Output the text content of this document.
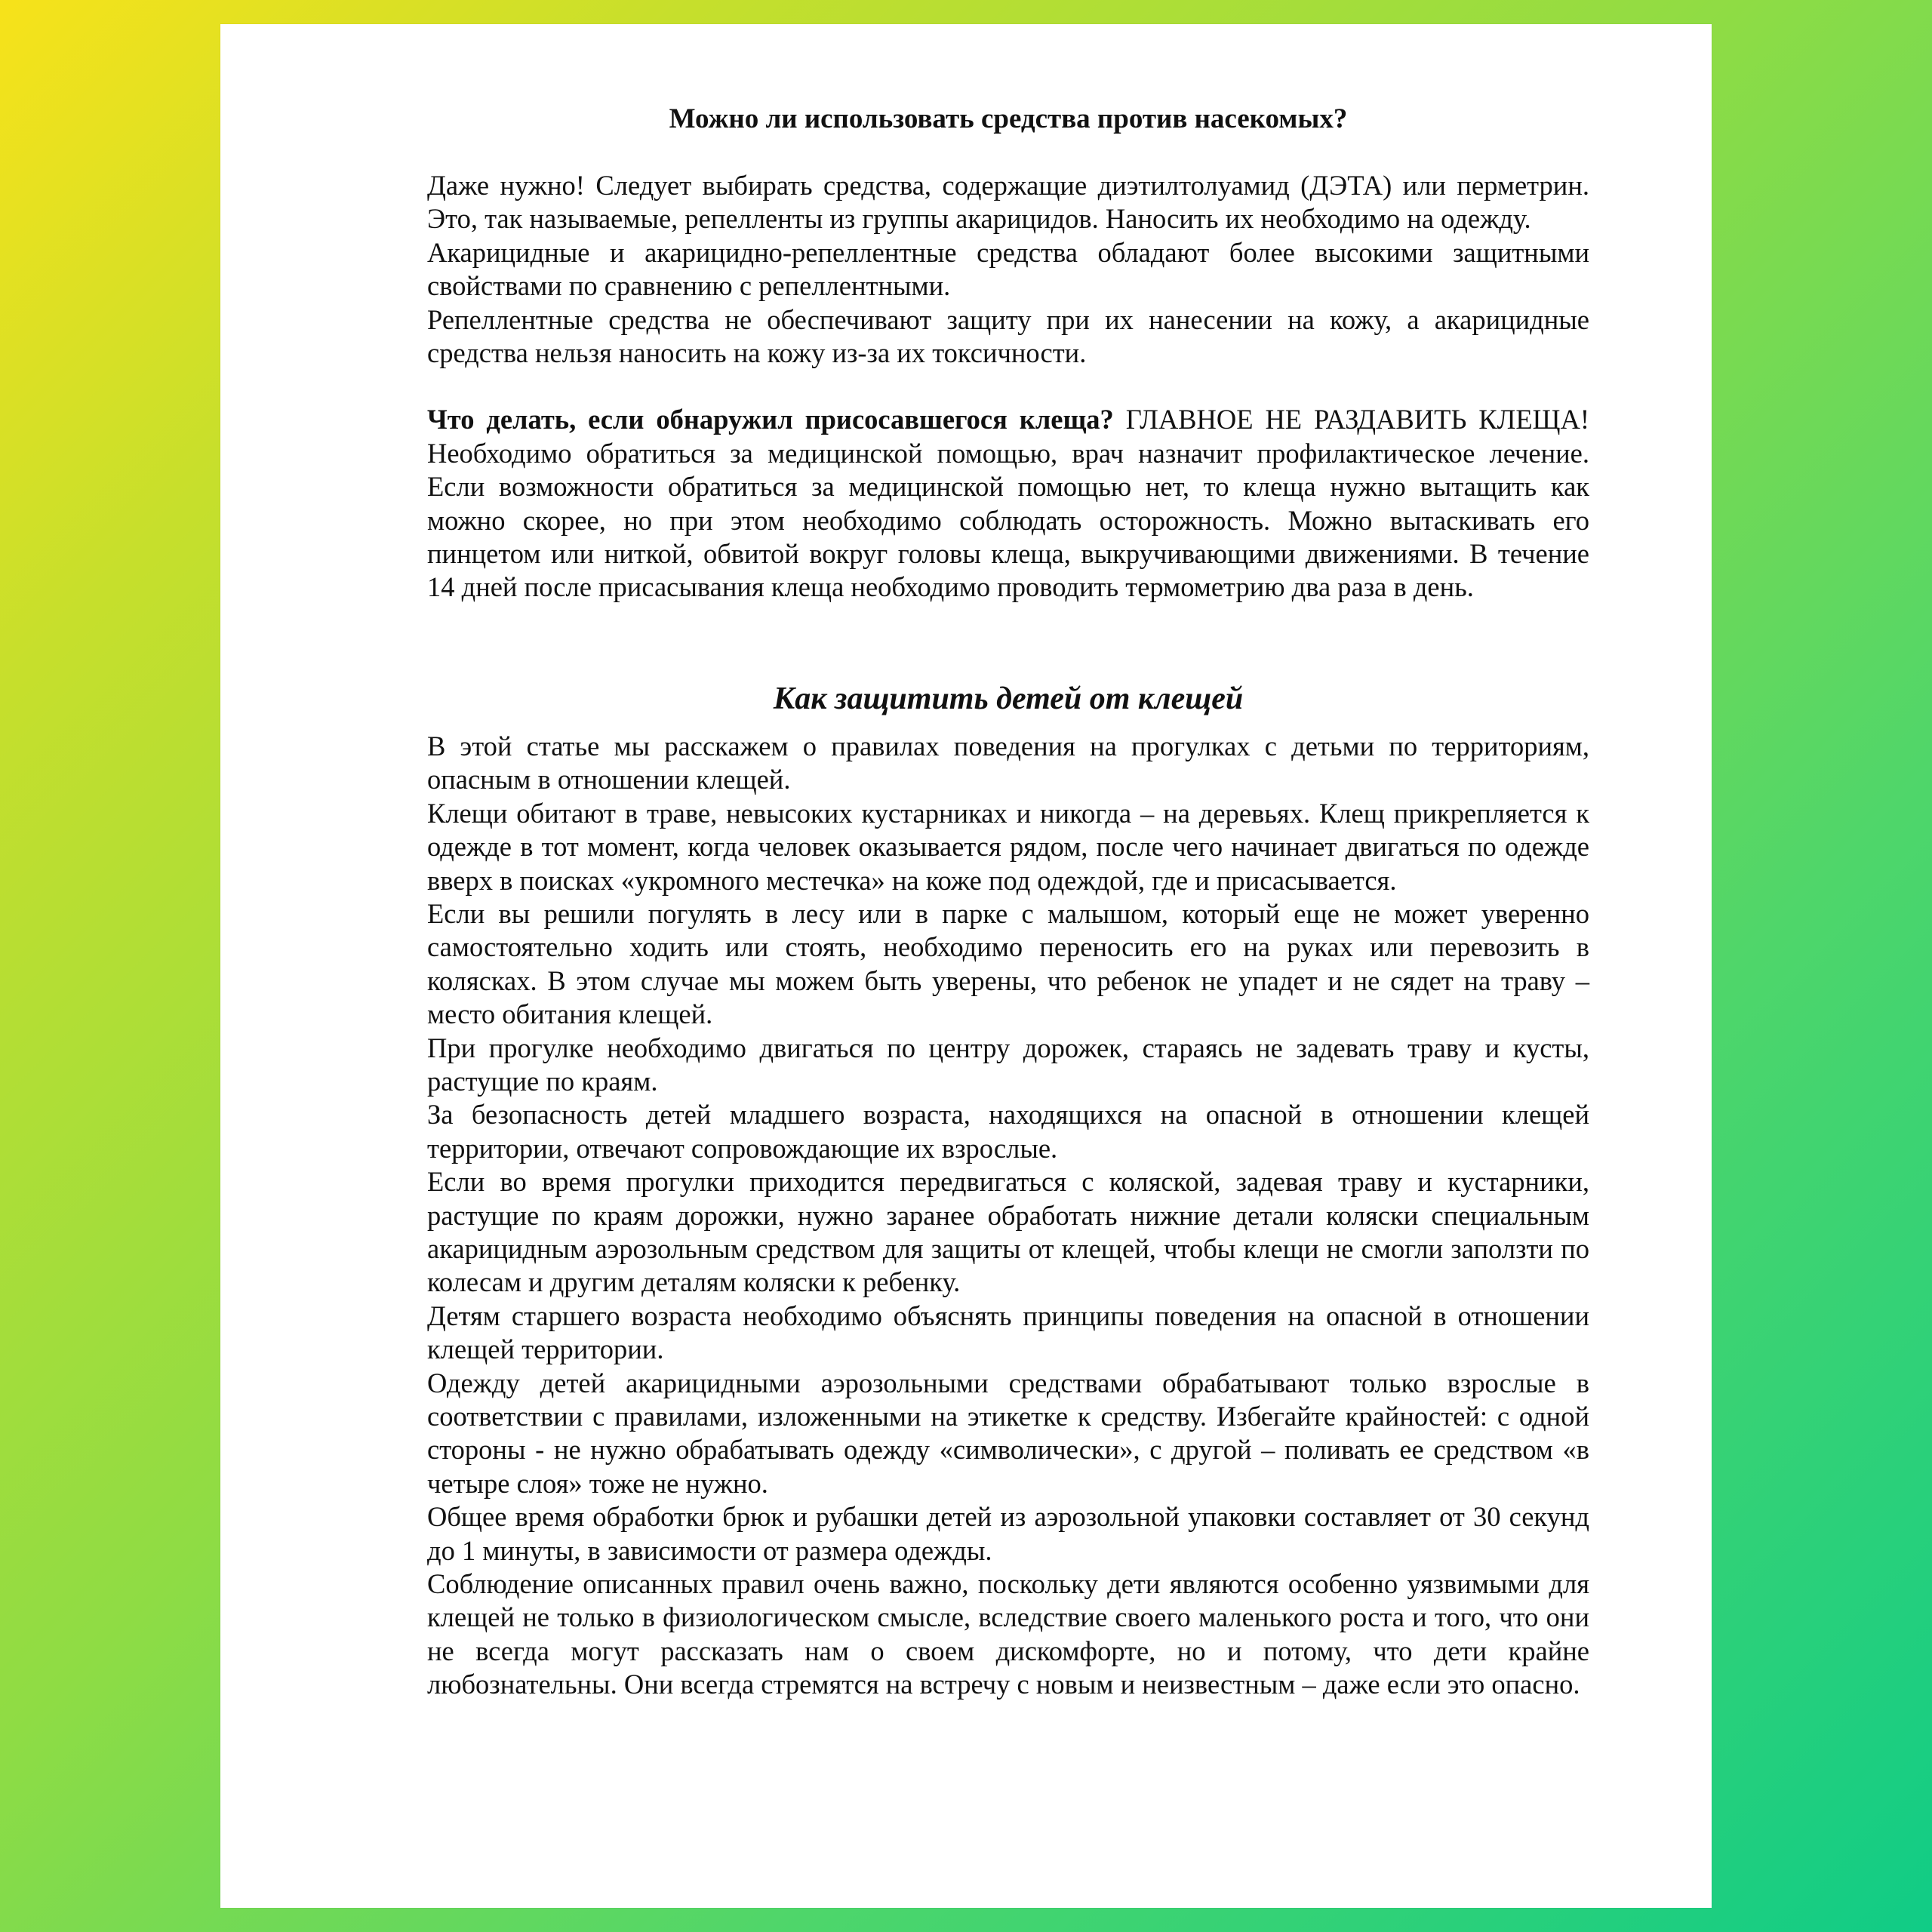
Можно ли использовать средства против насекомых?

Даже нужно! Следует выбирать средства, содержащие диэтилтолуамид (ДЭТА) или перметрин. Это, так называемые, репелленты из группы акарицидов. Наносить их необходимо на одежду.

Акарицидные и акарицидно-репеллентные средства обладают более высокими защитными свойствами по сравнению с репеллентными.

Репеллентные средства не обеспечивают защиту при их нанесении на кожу, а акарицидные средства нельзя наносить на кожу из-за их токсичности.

Что делать, если обнаружил присосавшегося клеща? ГЛАВНОЕ НЕ РАЗДАВИТЬ КЛЕЩА! Необходимо обратиться за медицинской помощью, врач назначит профилактическое лечение. Если возможности обратиться за медицинской помощью нет, то клеща нужно вытащить как можно скорее, но при этом необходимо соблюдать осторожность. Можно вытаскивать его пинцетом или ниткой, обвитой вокруг головы клеща, выкручивающими движениями. В течение 14 дней после присасывания клеща необходимо проводить термометрию два раза в день.

Как защитить детей от клещей

В этой статье мы расскажем о правилах поведения на прогулках с детьми по территориям, опасным в отношении клещей.

Клещи обитают в траве, невысоких кустарниках и никогда – на деревьях. Клещ прикрепляется к одежде в тот момент, когда человек оказывается рядом, после чего начинает двигаться по одежде вверх в поисках «укромного местечка» на коже под одеждой, где и присасывается.

Если вы решили погулять в лесу или в парке с малышом, который еще не может уверенно самостоятельно ходить или стоять, необходимо переносить его на руках или перевозить в колясках. В этом случае мы можем быть уверены, что ребенок не упадет и не сядет на траву – место обитания клещей.

При прогулке необходимо двигаться по центру дорожек, стараясь не задевать траву и кусты, растущие по краям.

За безопасность детей младшего возраста, находящихся на опасной в отношении клещей территории, отвечают сопровождающие их взрослые.

Если во время прогулки приходится передвигаться с коляской, задевая траву и кустарники, растущие по краям дорожки, нужно заранее обработать нижние детали коляски специальным акарицидным аэрозольным средством для защиты от клещей, чтобы клещи не смогли заползти по колесам и другим деталям коляски к ребенку.

Детям старшего возраста необходимо объяснять принципы поведения на опасной в отношении клещей территории.

Одежду детей акарицидными аэрозольными средствами обрабатывают только взрослые в соответствии с правилами, изложенными на этикетке к средству. Избегайте крайностей: с одной стороны - не нужно обрабатывать одежду «символически», с другой – поливать ее средством «в четыре слоя» тоже не нужно.

Общее время обработки брюк и рубашки детей из аэрозольной упаковки составляет от 30 секунд до 1 минуты, в зависимости от размера одежды.

Соблюдение описанных правил очень важно, поскольку дети являются особенно уязвимыми для клещей не только в физиологическом смысле, вследствие своего маленького роста и того, что они не всегда могут рассказать нам о своем дискомфорте, но и потому, что дети крайне любознательны. Они всегда стремятся на встречу с новым и неизвестным – даже если это опасно.
